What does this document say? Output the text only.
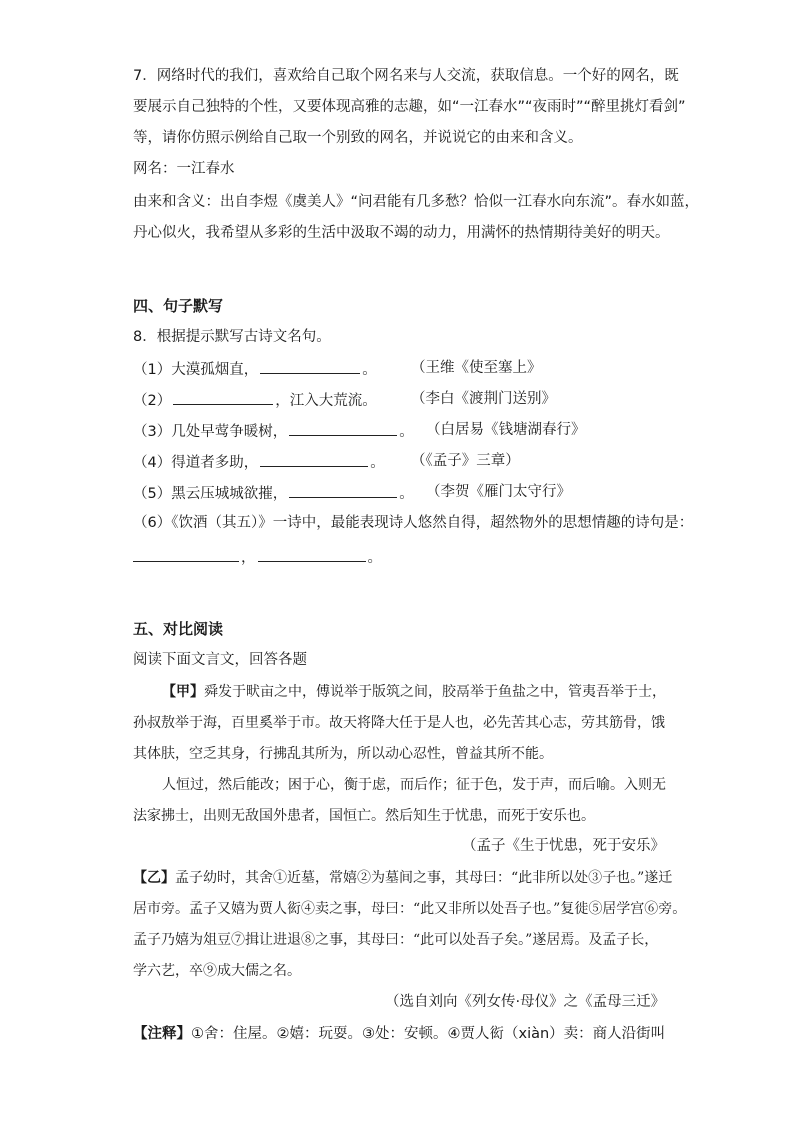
7．网络时代的我们，喜欢给自己取个网名来与人交流，获取信息。一个好的网名，既
要展示自己独特的个性，又要体现高雅的志趣，如“一江春水”“夜雨时”“醉里挑灯看剑”
等，请你仿照示例给自己取一个别致的网名，并说说它的由来和含义。
网名：一江春水
由来和含义：出自李煜《虞美人》“问君能有几多愁？恰似一江春水向东流”。春水如蓝，
丹心似火，我希望从多彩的生活中汲取不竭的动力，用满怀的热情期待美好的明天。
四、句子默写
8．根据提示默写古诗文名句。
（1）大漠孤烟直，	。 （王维《使至塞上》
（2）	，江入大荒流。 （李白《渡荆门送别》
（3）几处早莺争暖树，	。 （白居易《钱塘湖春行》
（4）得道者多助，	。 （《孟子》三章）
（5）黑云压城城欲摧，	。 （李贺《雁门太守行》
（6）《饮酒（其五）》一诗中，最能表现诗人悠然自得，超然物外的思想情趣的诗句是：
，	。
五、对比阅读
阅读下面文言文，回答各题
【甲】舜发于畎亩之中，傅说举于版筑之间，胶鬲举于鱼盐之中，管夷吾举于士，
孙叔敖举于海，百里奚举于市。故天将降大任于是人也，必先苦其心志，劳其筋骨，饿
其体肤，空乏其身，行拂乱其所为，所以动心忍性，曾益其所不能。
人恒过，然后能改；困于心，衡于虑，而后作；征于色，发于声，而后喻。入则无
法家拂士，出则无敌国外患者，国恒亡。然后知生于忧患，而死于安乐也。
（孟子《生于忧患，死于安乐》
【乙】孟子幼时，其舍①近墓，常嬉②为墓间之事，其母曰：“此非所以处③子也。”遂迁
居市旁。孟子又嬉为贾人衒④卖之事，母曰：“此又非所以处吾子也。”复徙⑤居学宫⑥旁。
孟子乃嬉为俎豆⑦揖让进退⑧之事，其母曰：“此可以处吾子矣。”遂居焉。及孟子长，
学六艺，卒⑨成大儒之名。
（选自刘向《列女传·母仪》之《孟母三迁》
【注释】①舍：住屋。②嬉：玩耍。③处：安顿。④贾人衒（xiàn）卖：商人沿街叫
